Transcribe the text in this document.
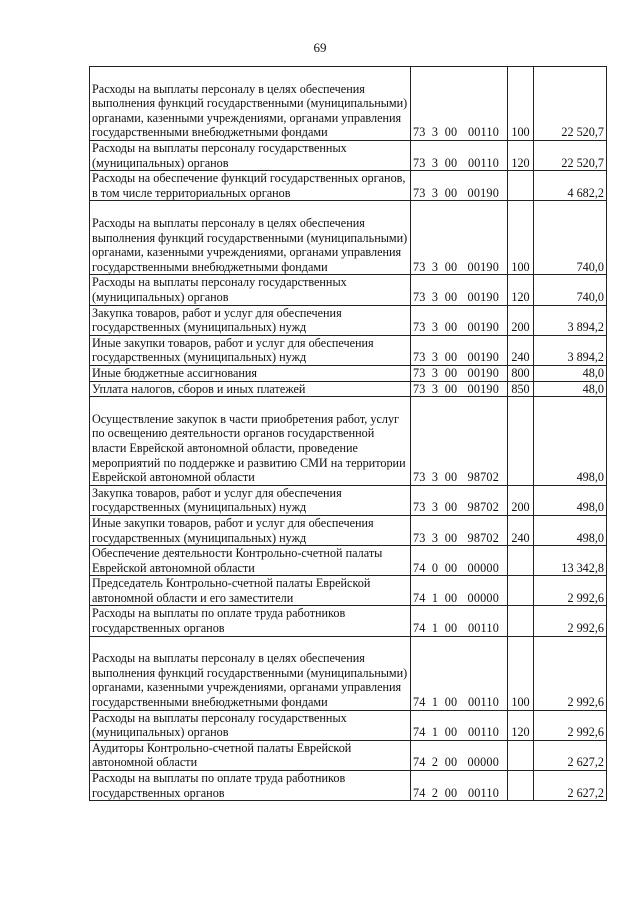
69
Расходы на выплаты персоналу в целях обеспечения выполнения функций государственными (муниципальными) органами, казенными учреждениями, органами управления государственными внебюджетными фондами	73 3 00 00110	100	22 520,7
Расходы на выплаты персоналу государственных (муниципальных) органов	73 3 00 00110	120	22 520,7
Расходы на обеспечение функций государственных органов, в том числе территориальных органов	73 3 00 00190		4 682,2
Расходы на выплаты персоналу в целях обеспечения выполнения функций государственными (муниципальными) органами, казенными учреждениями, органами управления государственными внебюджетными фондами	73 3 00 00190	100	740,0
Расходы на выплаты персоналу государственных (муниципальных) органов	73 3 00 00190	120	740,0
Закупка товаров, работ и услуг для обеспечения государственных (муниципальных) нужд	73 3 00 00190	200	3 894,2
Иные закупки товаров, работ и услуг для обеспечения государственных (муниципальных) нужд	73 3 00 00190	240	3 894,2
Иные бюджетные ассигнования	73 3 00 00190	800	48,0
Уплата налогов, сборов и иных платежей	73 3 00 00190	850	48,0
Осуществление закупок в части приобретения работ, услуг по освещению деятельности органов государственной власти Еврейской автономной области, проведение мероприятий по поддержке и развитию СМИ на территории Еврейской автономной области	73 3 00 98702		498,0
Закупка товаров, работ и услуг для обеспечения государственных (муниципальных) нужд	73 3 00 98702	200	498,0
Иные закупки товаров, работ и услуг для обеспечения государственных (муниципальных) нужд	73 3 00 98702	240	498,0
Обеспечение деятельности Контрольно-счетной палаты Еврейской автономной области	74 0 00 00000		13 342,8
Председатель Контрольно-счетной палаты Еврейской автономной области и его заместители	74 1 00 00000		2 992,6
Расходы на выплаты по оплате труда работников государственных органов	74 1 00 00110		2 992,6
Расходы на выплаты персоналу в целях обеспечения выполнения функций государственными (муниципальными) органами, казенными учреждениями, органами управления государственными внебюджетными фондами	74 1 00 00110	100	2 992,6
Расходы на выплаты персоналу государственных (муниципальных) органов	74 1 00 00110	120	2 992,6
Аудиторы Контрольно-счетной палаты Еврейской автономной области	74 2 00 00000		2 627,2
Расходы на выплаты по оплате труда работников государственных органов	74 2 00 00110		2 627,2
